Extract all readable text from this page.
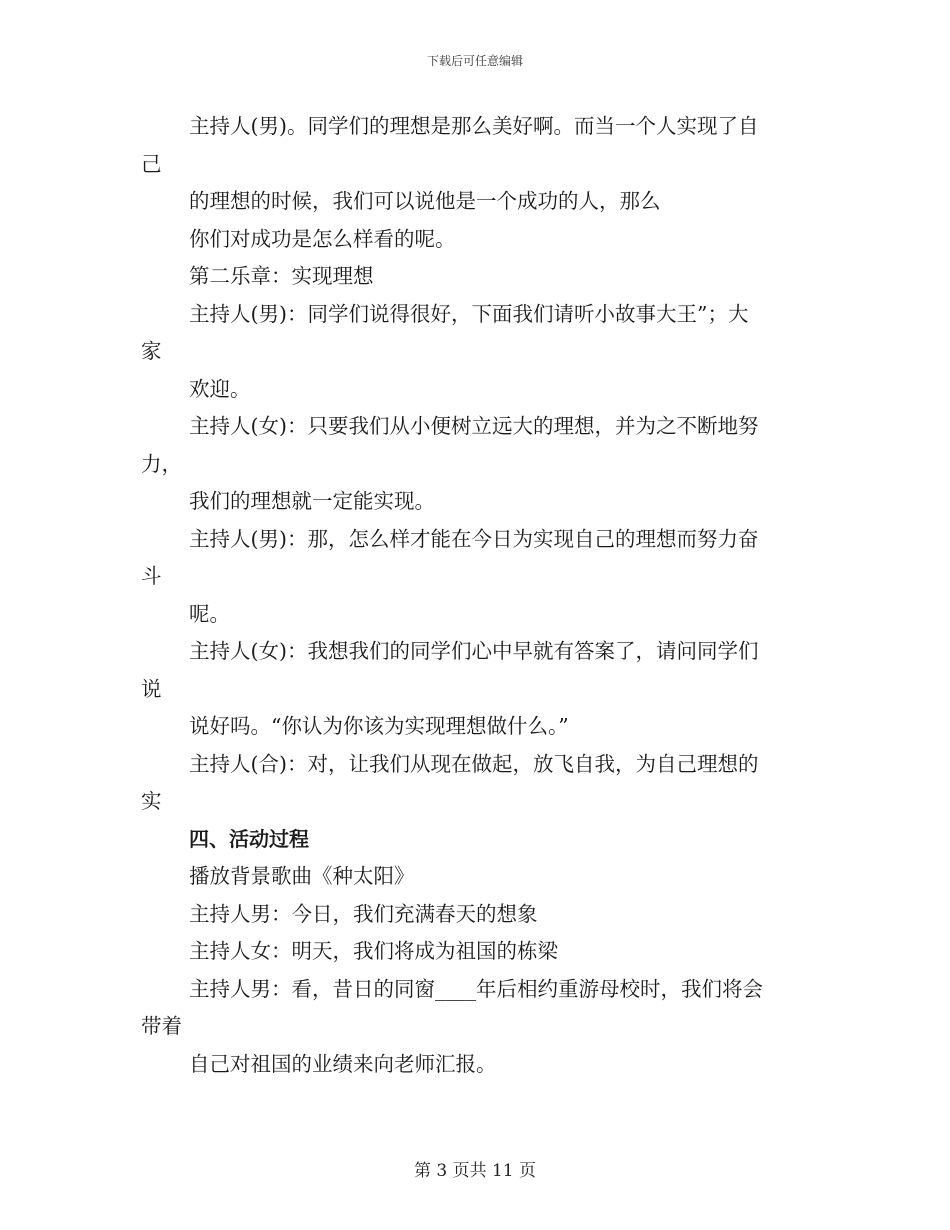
下载后可任意编辑
主持人(男)。同学们的理想是那么美好啊。而当一个人实现了自
己
的理想的时候，我们可以说他是一个成功的人，那么
你们对成功是怎么样看的呢。
第二乐章：实现理想
主持人(男)：同学们说得很好，下面我们请听小故事大王”；大
家
欢迎。
主持人(女)：只要我们从小便树立远大的理想，并为之不断地努
力，
我们的理想就一定能实现。
主持人(男)：那，怎么样才能在今日为实现自己的理想而努力奋
斗
呢。
主持人(女)：我想我们的同学们心中早就有答案了，请问同学们
说
说好吗。“你认为你该为实现理想做什么。”
主持人(合)：对，让我们从现在做起，放飞自我，为自己理想的
实
四、活动过程
播放背景歌曲《种太阳》
主持人男：今日，我们充满春天的想象
主持人女：明天，我们将成为祖国的栋梁
主持人男：看，昔日的同窗____年后相约重游母校时，我们将会
带着
自己对祖国的业绩来向老师汇报。
第 3 页共 11 页
